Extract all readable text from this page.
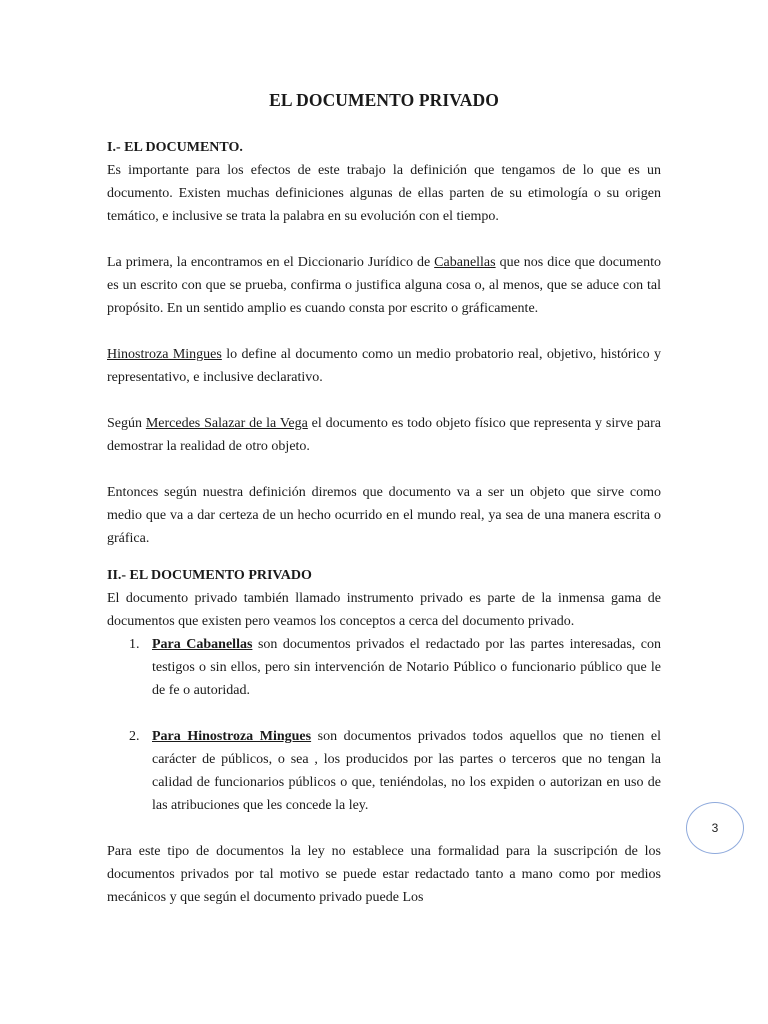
EL DOCUMENTO PRIVADO
I.- EL DOCUMENTO.

Es importante para los efectos de este trabajo la definición que tengamos de lo que es un documento. Existen muchas definiciones algunas de ellas parten de su etimología o su origen temático, e inclusive se trata la palabra en su evolución con el tiempo.

La primera, la encontramos en el Diccionario Jurídico de Cabanellas que nos dice que documento es un escrito con que se prueba, confirma o justifica alguna cosa o, al menos, que se aduce con tal propósito. En un sentido amplio es cuando consta por escrito o gráficamente.

Hinostroza Mingues lo define al documento como un medio probatorio real, objetivo, histórico y representativo, e inclusive declarativo.

Según Mercedes Salazar de la Vega el documento es todo objeto físico que representa y sirve para demostrar la realidad de otro objeto.

Entonces según nuestra definición diremos que documento va a ser un objeto que sirve como medio que va a dar certeza de un hecho ocurrido en el mundo real, ya sea de una manera escrita o gráfica.

II.- EL DOCUMENTO PRIVADO

El documento privado también llamado instrumento privado es parte de la inmensa gama de documentos que existen pero veamos los conceptos a cerca del documento privado.

1. Para Cabanellas son documentos privados el redactado por las partes interesadas, con testigos o sin ellos, pero sin intervención de Notario Público o funcionario público que le de fe o autoridad.
2. Para Hinostroza Mingues son documentos privados todos aquellos que no tienen el carácter de públicos, o sea , los producidos por las partes o terceros que no tengan la calidad de funcionarios públicos o que, teniéndolas, no los expiden o autorizan en uso de las atribuciones que les concede la ley.

Para este tipo de documentos la ley no establece una formalidad para la suscripción de los documentos privados por tal motivo se puede estar redactado tanto a mano como por medios mecánicos y que según el documento privado puede Los

3
